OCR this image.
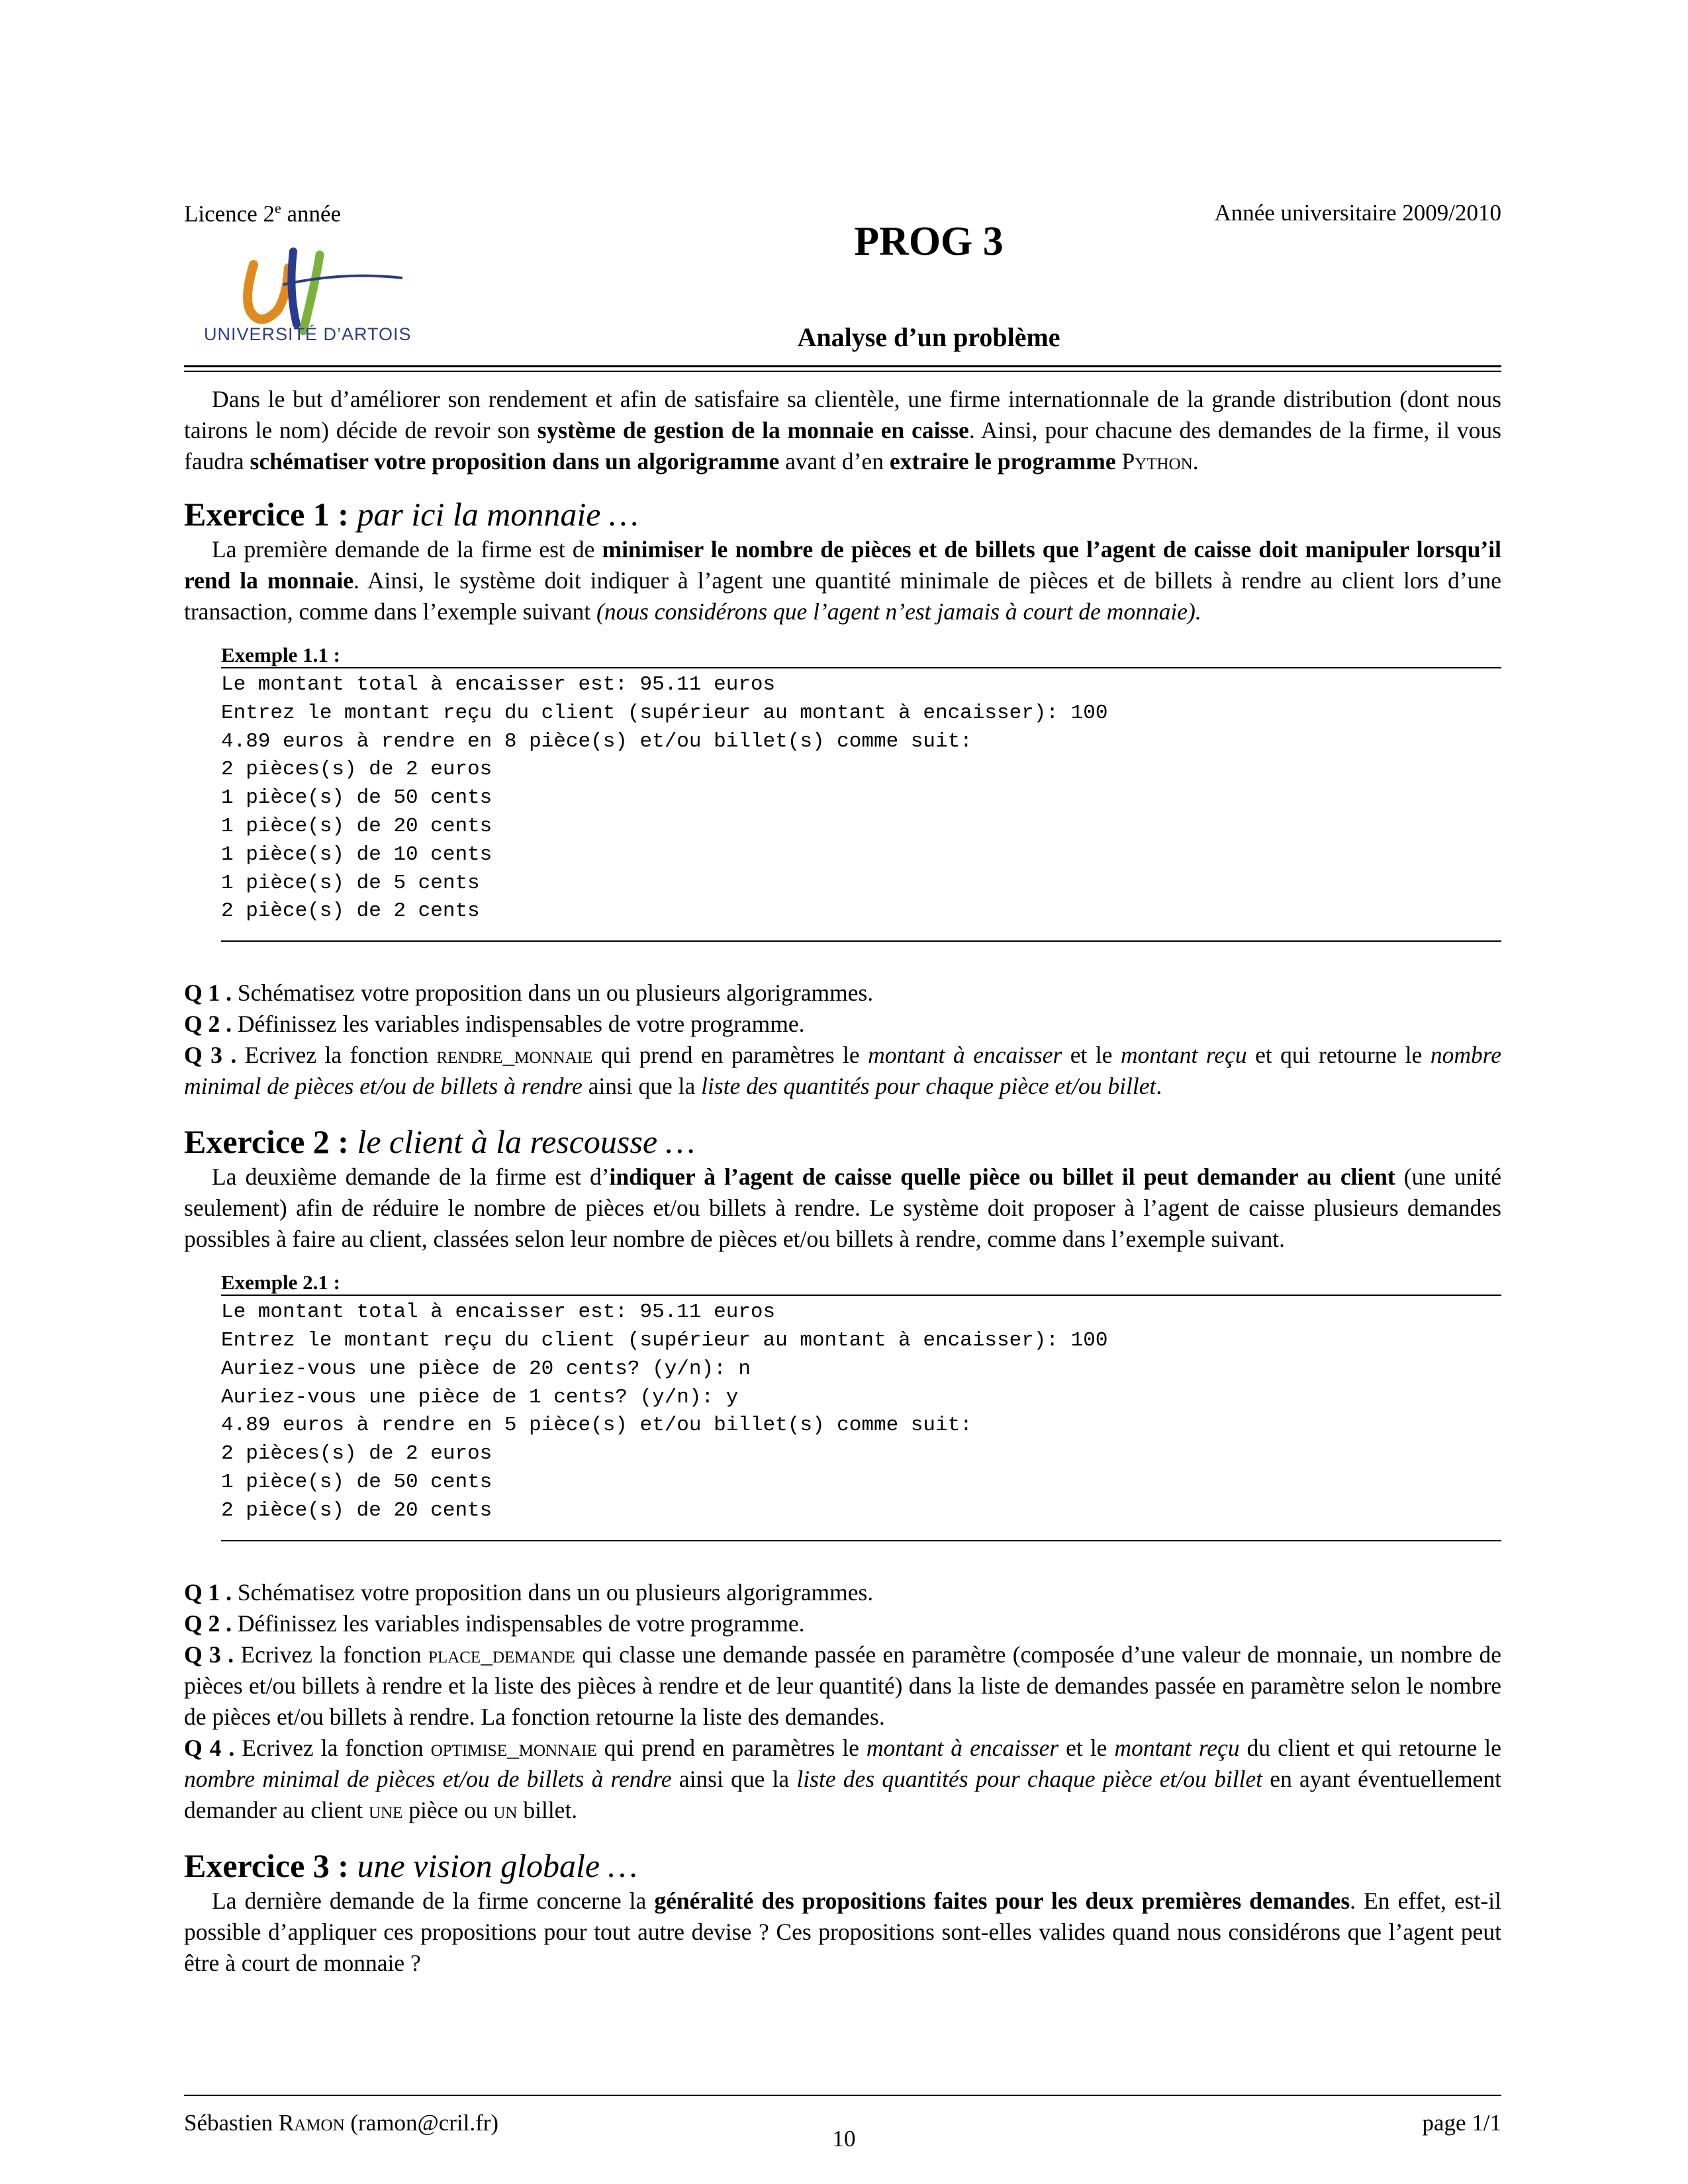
Licence 2e année	Année universitaire 2009/2010
PROG 3
Analyse d’un problème
UNIVERSITÉ D’ARTOIS

Dans le but d’améliorer son rendement et afin de satisfaire sa clientèle, une firme internationnale de la grande distribution (dont nous tairons le nom) décide de revoir son système de gestion de la monnaie en caisse. Ainsi, pour chacune des demandes de la firme, il vous faudra schématiser votre proposition dans un algorigramme avant d’en extraire le programme Python.

Exercice 1 : par ici la monnaie …

La première demande de la firme est de minimiser le nombre de pièces et de billets que l’agent de caisse doit manipuler lorsqu’il rend la monnaie. Ainsi, le système doit indiquer à l’agent une quantité minimale de pièces et de billets à rendre au client lors d’une transaction, comme dans l’exemple suivant (nous considérons que l’agent n’est jamais à court de monnaie).

Exemple 1.1 :
Le montant total à encaisser est: 95.11 euros
Entrez le montant reçu du client (supérieur au montant à encaisser): 100
4.89 euros à rendre en 8 pièce(s) et/ou billet(s) comme suit:
2 pièces(s) de 2 euros
1 pièce(s) de 50 cents
1 pièce(s) de 20 cents
1 pièce(s) de 10 cents
1 pièce(s) de 5 cents
2 pièce(s) de 2 cents

Q 1 . Schématisez votre proposition dans un ou plusieurs algorigrammes.

Q 2 . Définissez les variables indispensables de votre programme.

Q 3 . Ecrivez la fonction rendre_monnaie qui prend en paramètres le montant à encaisser et le montant reçu et qui retourne le nombre minimal de pièces et/ou de billets à rendre ainsi que la liste des quantités pour chaque pièce et/ou billet.

Exercice 2 : le client à la rescousse …

La deuxième demande de la firme est d’indiquer à l’agent de caisse quelle pièce ou billet il peut demander au client (une unité seulement) afin de réduire le nombre de pièces et/ou billets à rendre. Le système doit proposer à l’agent de caisse plusieurs demandes possibles à faire au client, classées selon leur nombre de pièces et/ou billets à rendre, comme dans l’exemple suivant.

Exemple 2.1 :
Le montant total à encaisser est: 95.11 euros
Entrez le montant reçu du client (supérieur au montant à encaisser): 100
Auriez-vous une pièce de 20 cents? (y/n): n
Auriez-vous une pièce de 1 cents? (y/n): y
4.89 euros à rendre en 5 pièce(s) et/ou billet(s) comme suit:
2 pièces(s) de 2 euros
1 pièce(s) de 50 cents
2 pièce(s) de 20 cents

Q 1 . Schématisez votre proposition dans un ou plusieurs algorigrammes.

Q 2 . Définissez les variables indispensables de votre programme.

Q 3 . Ecrivez la fonction place_demande qui classe une demande passée en paramètre (composée d’une valeur de monnaie, un nombre de pièces et/ou billets à rendre et la liste des pièces à rendre et de leur quantité) dans la liste de demandes passée en paramètre selon le nombre de pièces et/ou billets à rendre. La fonction retourne la liste des demandes.

Q 4 . Ecrivez la fonction optimise_monnaie qui prend en paramètres le montant à encaisser et le montant reçu du client et qui retourne le nombre minimal de pièces et/ou de billets à rendre ainsi que la liste des quantités pour chaque pièce et/ou billet en ayant éventuellement demander au client une pièce ou un billet.

Exercice 3 : une vision globale …

La dernière demande de la firme concerne la généralité des propositions faites pour les deux premières demandes. En effet, est-il possible d’appliquer ces propositions pour tout autre devise ? Ces propositions sont-elles valides quand nous considérons que l’agent peut être à court de monnaie ?

Sébastien Ramon (ramon@cril.fr)	page 1/1
10
